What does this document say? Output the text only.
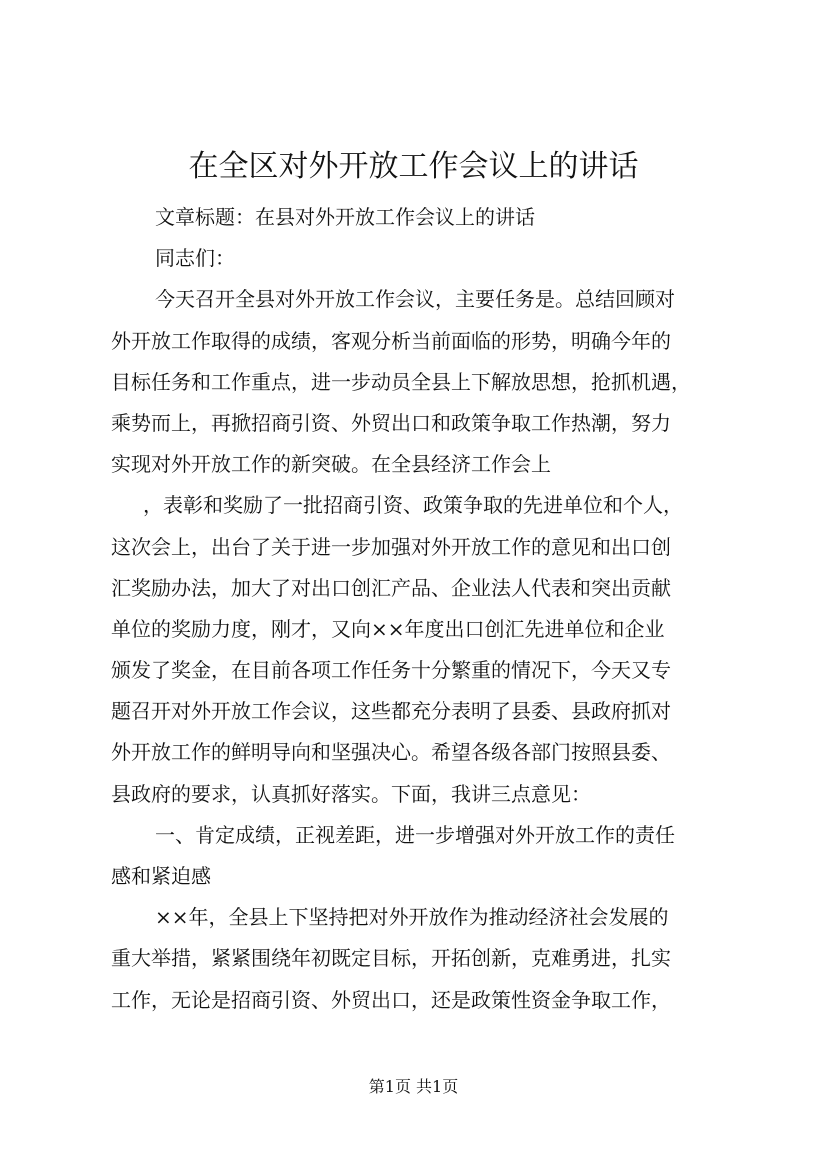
在全区对外开放工作会议上的讲话
文章标题：在县对外开放工作会议上的讲话
同志们：
今天召开全县对外开放工作会议，主要任务是。总结回顾对
外开放工作取得的成绩，客观分析当前面临的形势，明确今年的
目标任务和工作重点，进一步动员全县上下解放思想，抢抓机遇，
乘势而上，再掀招商引资、外贸出口和政策争取工作热潮，努力
实现对外开放工作的新突破。在全县经济工作会上
，表彰和奖励了一批招商引资、政策争取的先进单位和个人，
这次会上，出台了关于进一步加强对外开放工作的意见和出口创
汇奖励办法，加大了对出口创汇产品、企业法人代表和突出贡献
单位的奖励力度，刚才，又向××年度出口创汇先进单位和企业
颁发了奖金，在目前各项工作任务十分繁重的情况下，今天又专
题召开对外开放工作会议，这些都充分表明了县委、县政府抓对
外开放工作的鲜明导向和坚强决心。希望各级各部门按照县委、
县政府的要求，认真抓好落实。下面，我讲三点意见：
一、肯定成绩，正视差距，进一步增强对外开放工作的责任
感和紧迫感
××年，全县上下坚持把对外开放作为推动经济社会发展的
重大举措，紧紧围绕年初既定目标，开拓创新，克难勇进，扎实
工作，无论是招商引资、外贸出口，还是政策性资金争取工作，
第1页 共1页
